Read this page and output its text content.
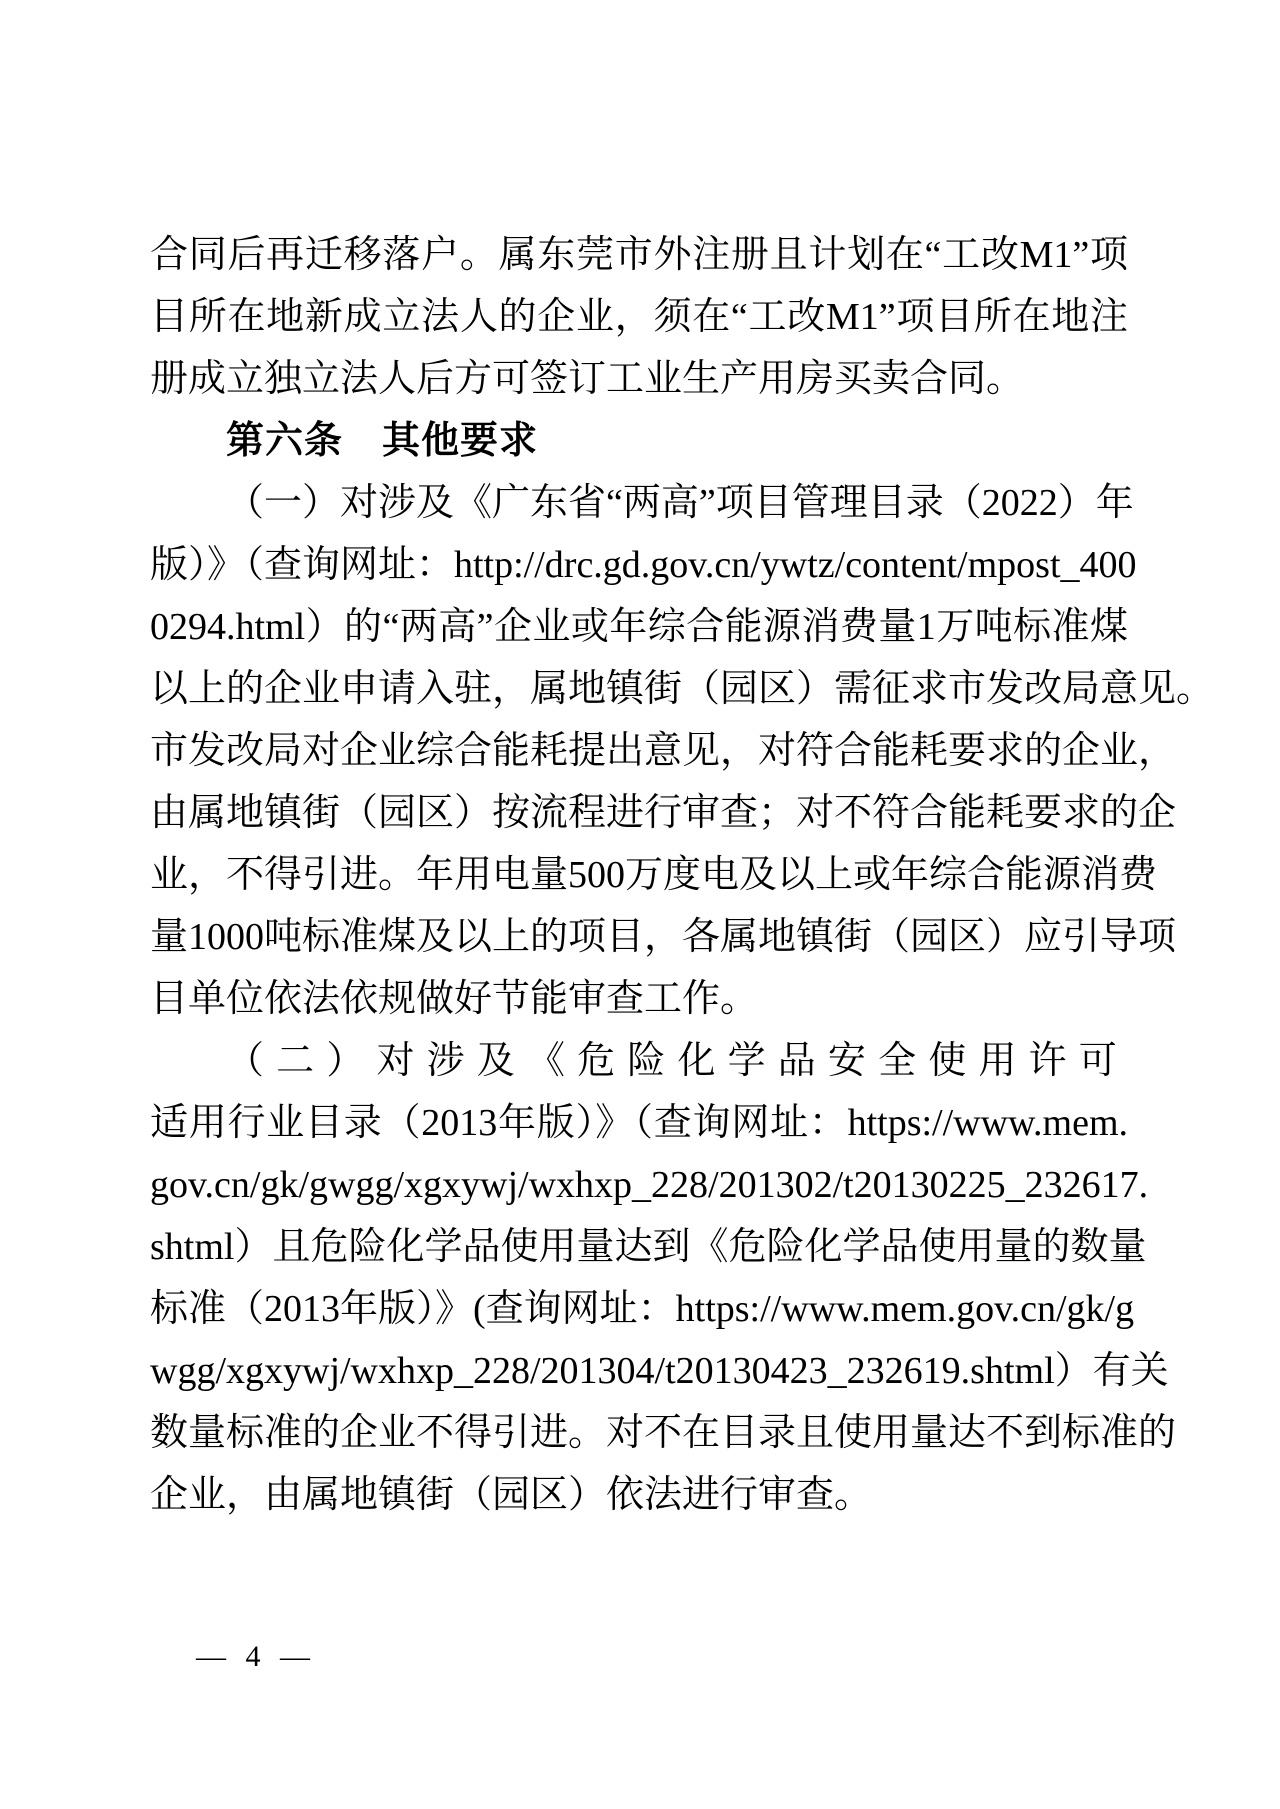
合同后再迁移落户。属东莞市外注册且计划在“工改M1”项
目所在地新成立法人的企业，须在“工改M1”项目所在地注
册成立独立法人后方可签订工业生产用房买卖合同。
第六条　其他要求
（一）对涉及《广东省“两高”项目管理目录（2022）年
版）》（查询网址：http://drc.gd.gov.cn/ywtz/content/mpost_400
0294.html）的“两高”企业或年综合能源消费量1万吨标准煤
以上的企业申请入驻，属地镇街（园区）需征求市发改局意见。
市发改局对企业综合能耗提出意见，对符合能耗要求的企业，
由属地镇街（园区）按流程进行审查；对不符合能耗要求的企
业，不得引进。年用电量500万度电及以上或年综合能源消费
量1000吨标准煤及以上的项目，各属地镇街（园区）应引导项
目单位依法依规做好节能审查工作。
（二）对涉及《危险化学品安全使用许可
适用行业目录（2013年版）》（查询网址：https://www.mem.
gov.cn/gk/gwgg/xgxywj/wxhxp_228/201302/t20130225_232617.
shtml）且危险化学品使用量达到《危险化学品使用量的数量
标准（2013年版）》(查询网址：https://www.mem.gov.cn/gk/g
wgg/xgxywj/wxhxp_228/201304/t20130423_232619.shtml）有关
数量标准的企业不得引进。对不在目录且使用量达不到标准的
企业，由属地镇街（园区）依法进行审查。
— 4 —
